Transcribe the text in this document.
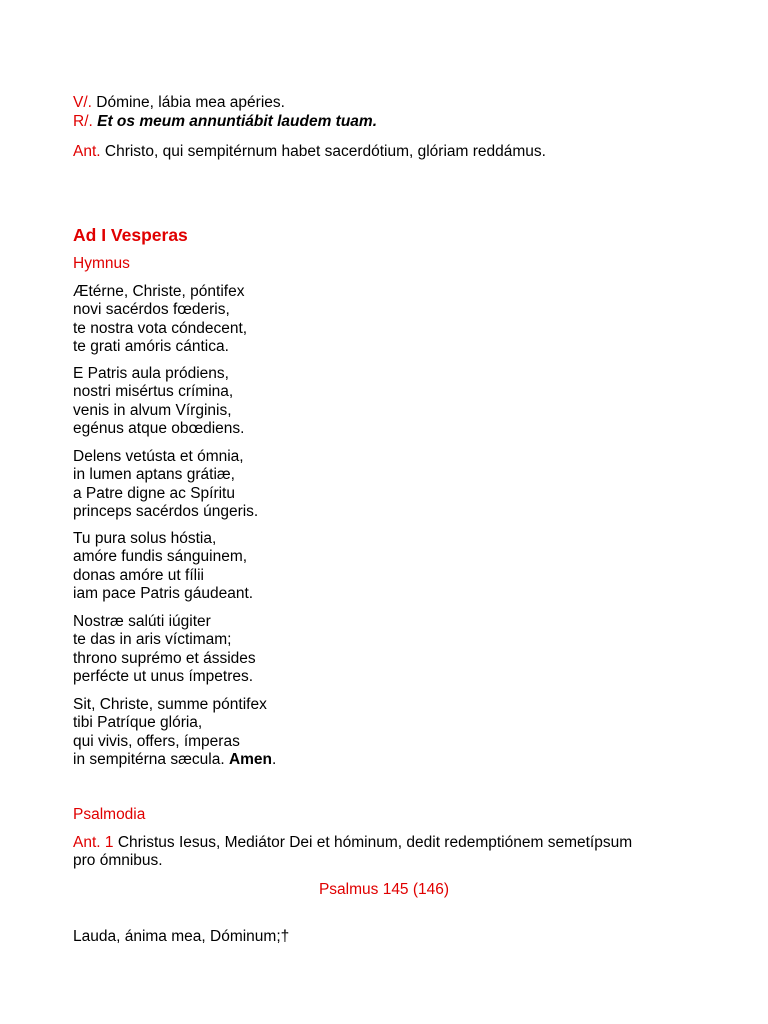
V/. Dómine, lábia mea apéries.

R/. Et os meum annuntiábit laudem tuam.

Ant. Christo, qui sempitérnum habet sacerdótium, glóriam reddámus.

Ad I Vesperas

Hymnus

Ætérne, Christe, póntifex
novi sacérdos fœderis,
te nostra vota cóndecent,
te grati amóris cántica.

E Patris aula pródiens,
nostri misértus crímina,
venis in alvum Vírginis,
egénus atque obœdiens.

Delens vetústa et ómnia,
in lumen aptans grátiæ,
a Patre digne ac Spíritu
princeps sacérdos úngeris.

Tu pura solus hóstia,
amóre fundis sánguinem,
donas amóre ut fílii
iam pace Patris gáudeant.

Nostræ salúti iúgiter
te das in aris víctimam;
throno suprémo et ássides
perfécte ut unus ímpetres.

Sit, Christe, summe póntifex
tibi Patríque glória,
qui vivis, offers, ímperas
in sempitérna sæcula. Amen.

Psalmodia

Ant. 1 Christus Iesus, Mediátor Dei et hóminum, dedit redemptiónem semetípsum
pro ómnibus.

Psalmus 145 (146)

Lauda, ánima mea, Dóminum;†
